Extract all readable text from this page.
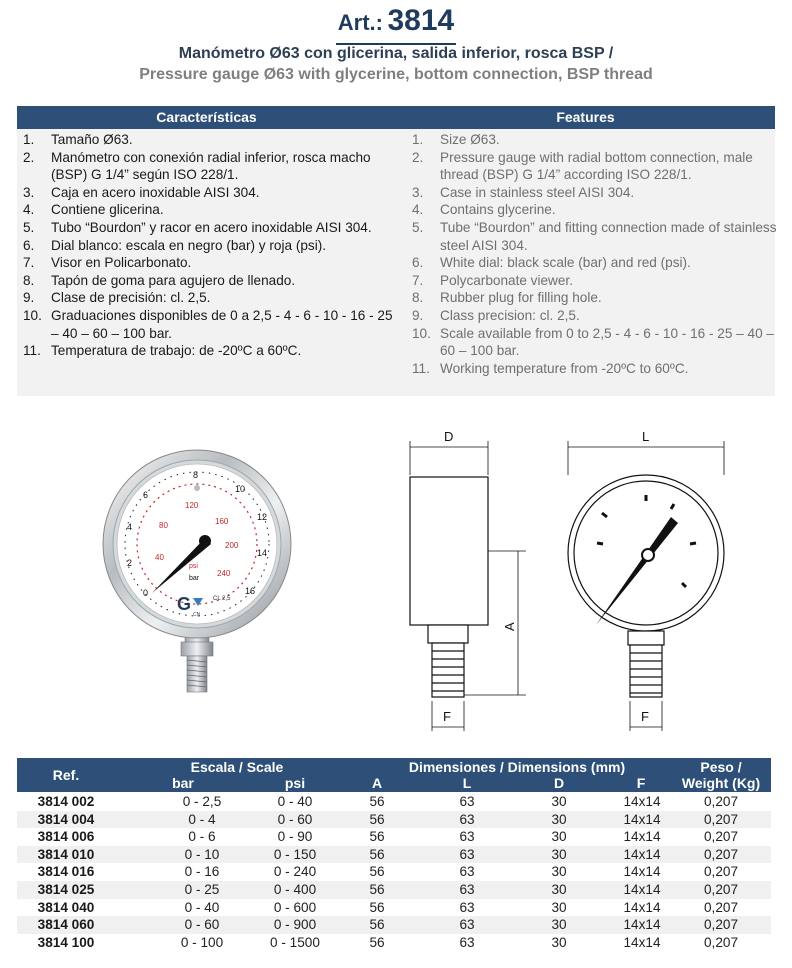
Art.: 3814
Manómetro Ø63 con glicerina, salida inferior, rosca BSP /
Pressure gauge Ø63 with glycerine, bottom connection, BSP thread
Características	Features
1. Tamaño Ø63.
2. Manómetro con conexión radial inferior, rosca macho (BSP) G 1/4” según ISO 228/1.
3. Caja en acero inoxidable AISI 304.
4. Contiene glicerina.
5. Tubo “Bourdon” y racor en acero inoxidable AISI 304.
6. Dial blanco: escala en negro (bar) y roja (psi).
7. Visor en Policarbonato.
8. Tapón de goma para agujero de llenado.
9. Clase de precisión: cl. 2,5.
10. Graduaciones disponibles de 0 a 2,5 - 4 - 6 - 10 - 16 - 25 – 40 – 60 – 100 bar.
11. Temperatura de trabajo: de -20ºC a 60ºC.
1. Size Ø63.
2. Pressure gauge with radial bottom connection, male thread (BSP) G 1/4” according ISO 228/1.
3. Case in stainless steel AISI 304.
4. Contains glycerine.
5. Tube “Bourdon” and fitting connection made of stainless steel AISI 304.
6. White dial: black scale (bar) and red (psi).
7. Polycarbonate viewer.
8. Rubber plug for filling hole.
9. Class precision: cl. 2,5.
10. Scale available from 0 to 2,5 - 4 - 6 - 10 - 16 - 25 – 40 – 60 – 100 bar.
11. Working temperature from -20ºC to 60ºC.
0
2
4
6
8
10
12
14
16
40
80
120
160
200
240
psi
bar
CL 2,5
G
CN
D	L
A
F	F
Ref.	Escala / Scale
bar	psi
Dimensiones / Dimensions (mm)
A	L	D	F
Peso /
Weight (Kg)
3814 002	0 - 2,5	0 - 40	56	63	30	14x14	0,207
3814 004	0 - 4	0 - 60	56	63	30	14x14	0,207
3814 006	0 - 6	0 - 90	56	63	30	14x14	0,207
3814 010	0 - 10	0 - 150	56	63	30	14x14	0,207
3814 016	0 - 16	0 - 240	56	63	30	14x14	0,207
3814 025	0 - 25	0 - 400	56	63	30	14x14	0,207
3814 040	0 - 40	0 - 600	56	63	30	14x14	0,207
3814 060	0 - 60	0 - 900	56	63	30	14x14	0,207
3814 100	0 - 100	0 - 1500	56	63	30	14x14	0,207
